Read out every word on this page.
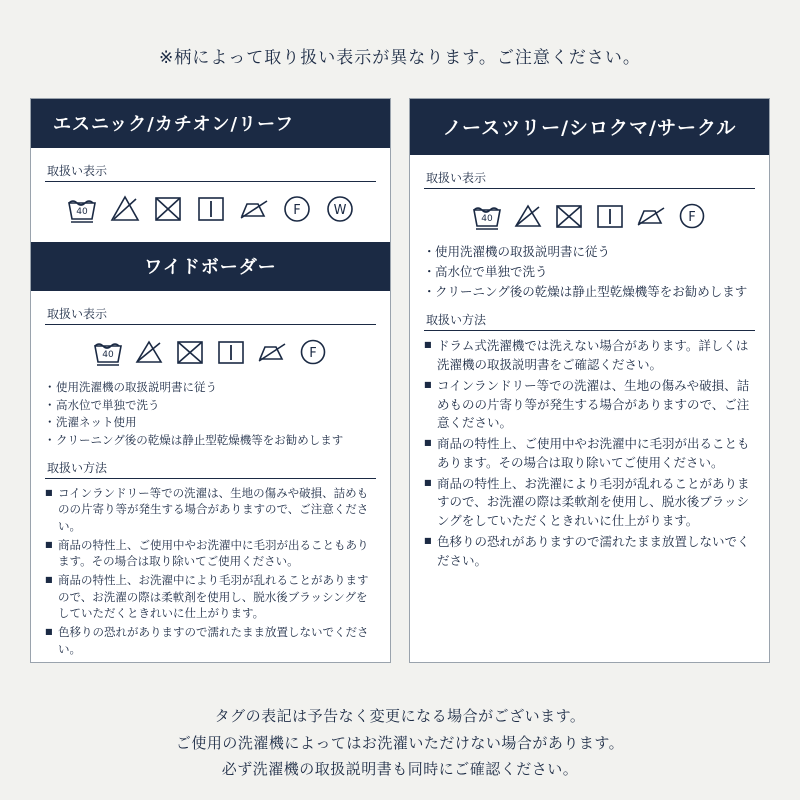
※柄によって取り扱い表示が異なります。ご注意ください。
エスニック/カチオン/リーフ
取扱い表示
40	F	W
ワイドボーダー
取扱い表示
40	F
・ 使用洗濯機の取扱説明書に従う
・ 高水位で単独で洗う
・ 洗濯ネット使用
・ クリーニング後の乾燥は静止型乾燥機等をお勧めします
取扱い方法
■ コインランドリー等での洗濯は、生地の傷みや破損、詰めものの片寄り等が発生する場合がありますので、ご注意ください。
■ 商品の特性上、ご使用中やお洗濯中に毛羽が出ることもあります。その場合は取り除いてご使用ください。
■ 商品の特性上、お洗濯中により毛羽が乱れることがありますので、お洗濯の際は柔軟剤を使用し、脱水後ブラッシングをしていただくときれいに仕上がります。
■ 色移りの恐れがありますので濡れたまま放置しないでください。
ノースツリー/シロクマ/サークル
取扱い表示
40	F
・ 使用洗濯機の取扱説明書に従う
・ 高水位で単独で洗う
・ クリーニング後の乾燥は静止型乾燥機等をお勧めします
取扱い方法
■ ドラム式洗濯機では洗えない場合があります。詳しくは洗濯機の取扱説明書をご確認ください。
■ コインランドリー等での洗濯は、生地の傷みや破損、詰めものの片寄り等が発生する場合がありますので、ご注意ください。
■ 商品の特性上、ご使用中やお洗濯中に毛羽が出ることもあります。その場合は取り除いてご使用ください。
■ 商品の特性上、お洗濯により毛羽が乱れることがありますので、お洗濯の際は柔軟剤を使用し、脱水後ブラッシングをしていただくときれいに仕上がります。
■ 色移りの恐れがありますので濡れたまま放置しないでください。
タグの表記は予告なく変更になる場合がございます。
ご使用の洗濯機によってはお洗濯いただけない場合があります。
必ず洗濯機の取扱説明書も同時にご確認ください。
